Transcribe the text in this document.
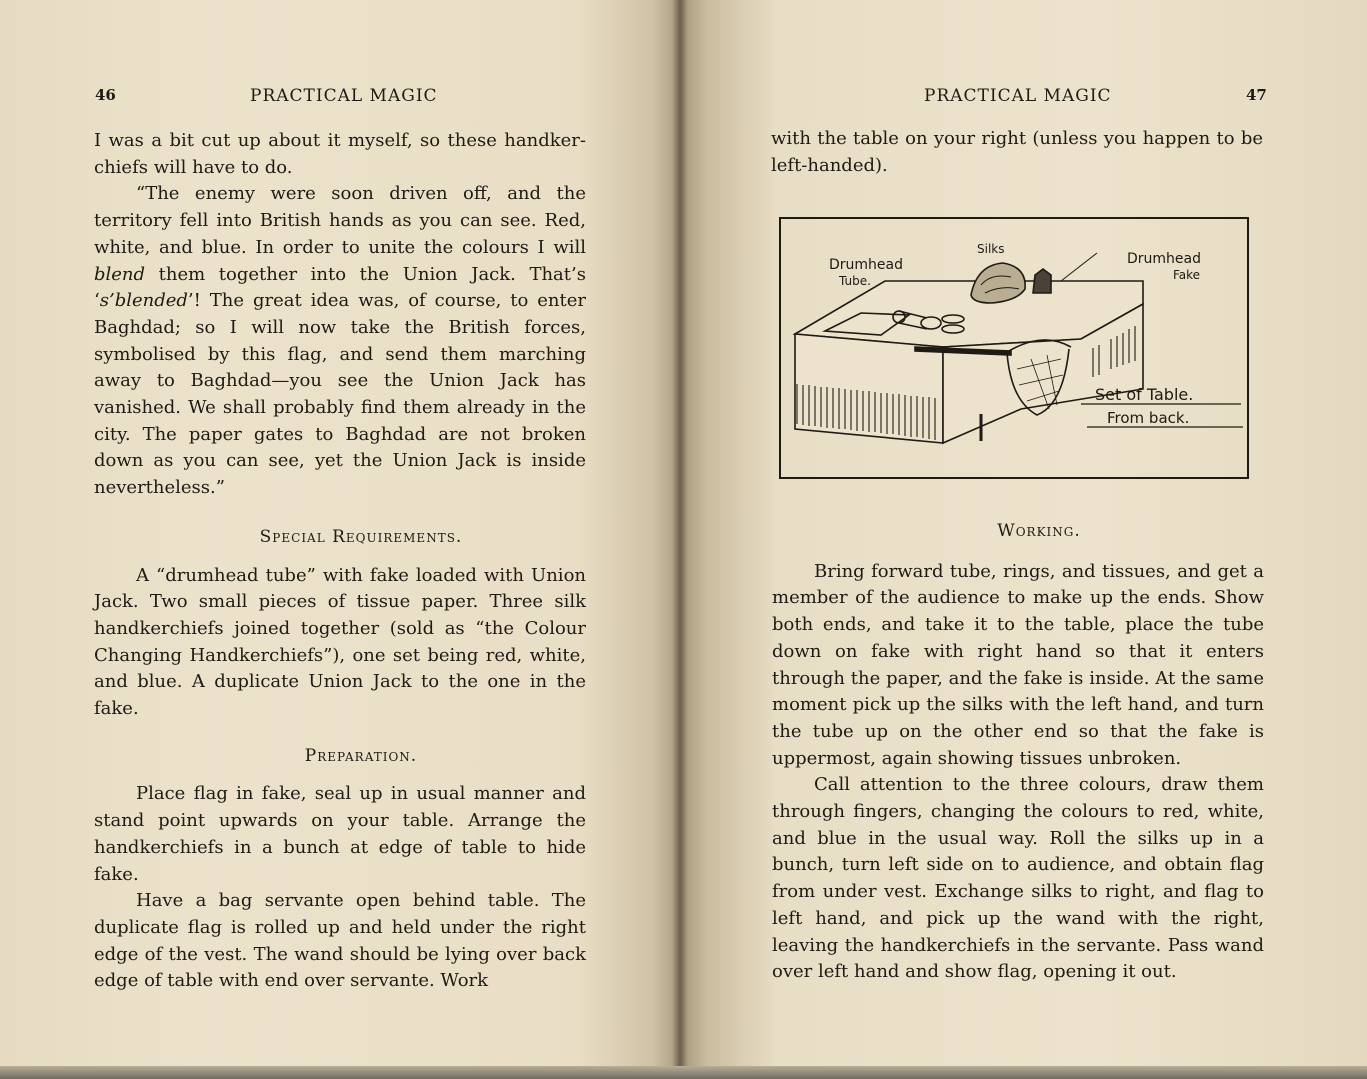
46	PRACTICAL MAGIC

I was a bit cut up about it myself, so these handker-chiefs will have to do.

“The enemy were soon driven off, and the territory fell into British hands as you can see. Red, white, and blue. In order to unite the colours I will blend them together into the Union Jack. That’s ‘s’blended’! The great idea was, of course, to enter Baghdad; so I will now take the British forces, symbolised by this flag, and send them marching away to Baghdad—you see the Union Jack has vanished. We shall probably find them already in the city. The paper gates to Baghdad are not broken down as you can see, yet the Union Jack is inside nevertheless.”

Special Requirements.

A “drumhead tube” with fake loaded with Union Jack. Two small pieces of tissue paper. Three silk handkerchiefs joined together (sold as “the Colour Changing Handkerchiefs”), one set being red, white, and blue. A duplicate Union Jack to the one in the fake.

Preparation.

Place flag in fake, seal up in usual manner and stand point upwards on your table. Arrange the handkerchiefs in a bunch at edge of table to hide fake.

Have a bag servante open behind table. The duplicate flag is rolled up and held under the right edge of the vest. The wand should be lying over back edge of table with end over servante. Work

PRACTICAL MAGIC	47

with the table on your right (unless you happen to be left-handed).

Working.

Bring forward tube, rings, and tissues, and get a member of the audience to make up the ends. Show both ends, and take it to the table, place the tube down on fake with right hand so that it enters through the paper, and the fake is inside. At the same moment pick up the silks with the left hand, and turn the tube up on the other end so that the fake is uppermost, again showing tissues unbroken.

Call attention to the three colours, draw them through fingers, changing the colours to red, white, and blue in the usual way. Roll the silks up in a bunch, turn left side on to audience, and obtain flag from under vest. Exchange silks to right, and flag to left hand, and pick up the wand with the right, leaving the handkerchiefs in the servante. Pass wand over left hand and show flag, opening it out.

Drumhead
Tube.
Silks
Drumhead
Fake
Set of Table.
From back.
